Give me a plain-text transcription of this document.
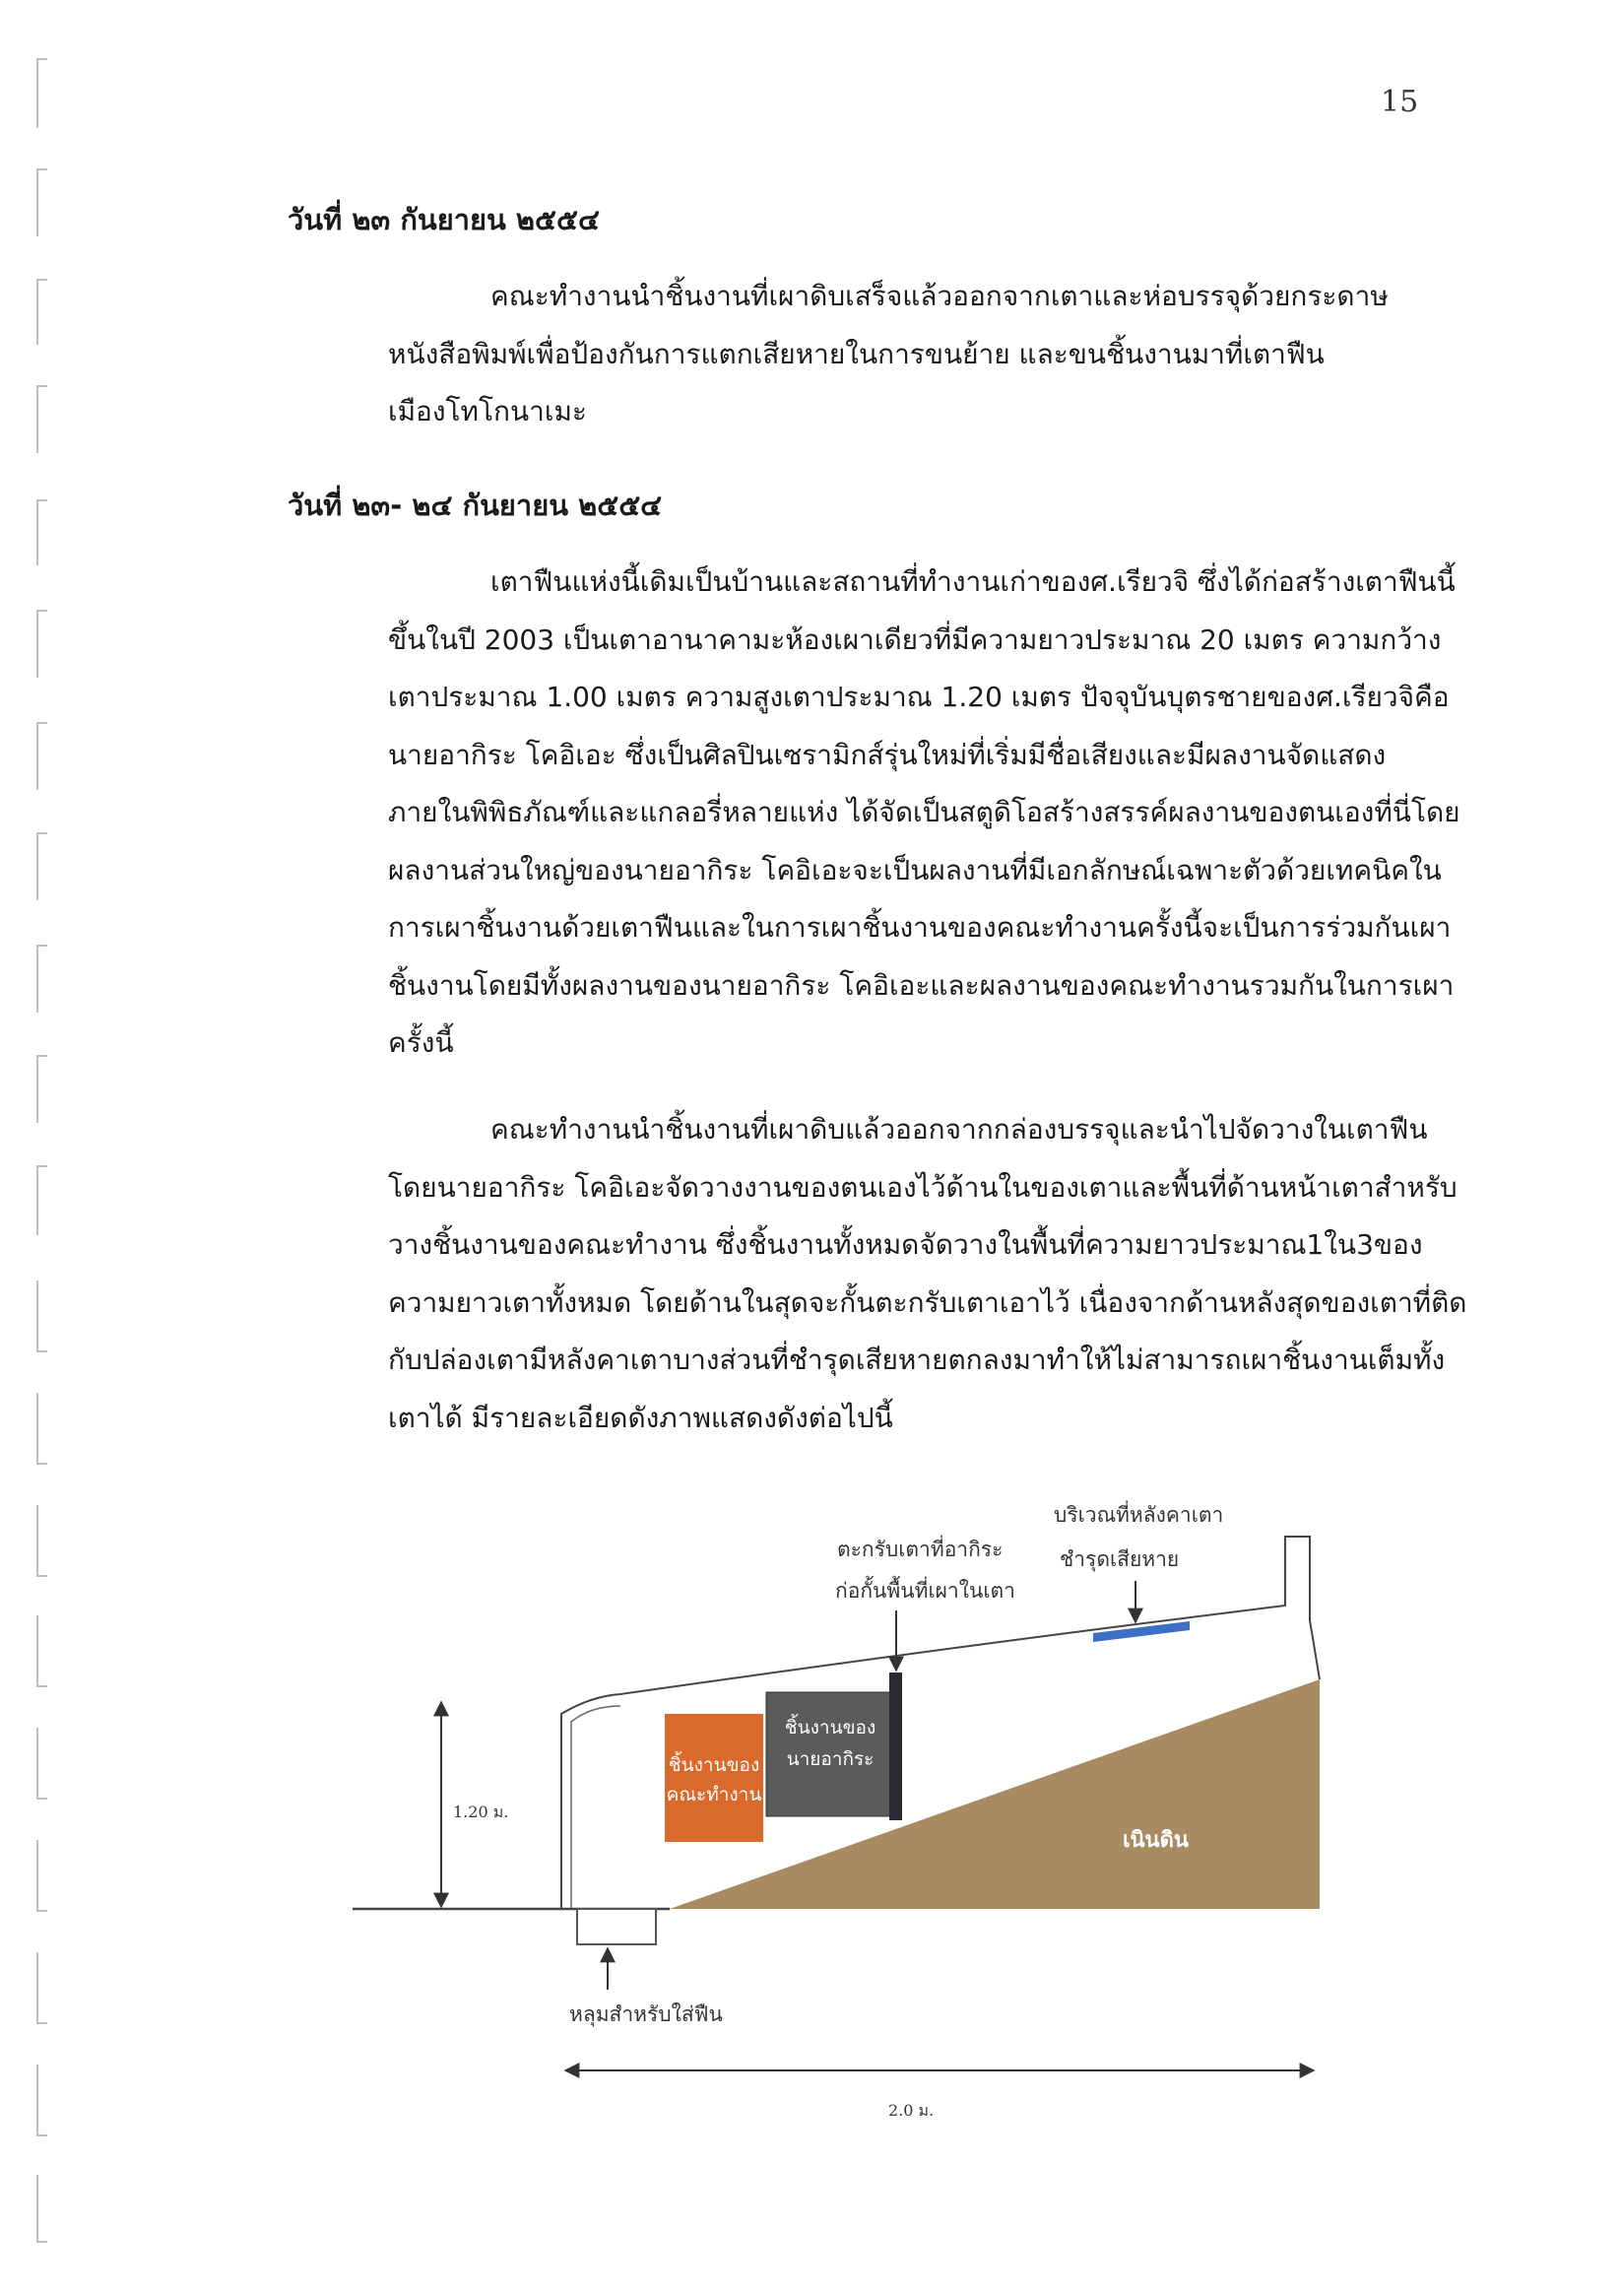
15
วันที่ ๒๓ กันยายน ๒๕๕๔

คณะทำงานนำชิ้นงานที่เผาดิบเสร็จแล้วออกจากเตาและห่อบรรจุด้วยกระดาษ
หนังสือพิมพ์เพื่อป้องกันการแตกเสียหายในการขนย้าย และขนชิ้นงานมาที่เตาฟืน
เมืองโทโกนาเมะ

วันที่ ๒๓- ๒๔ กันยายน ๒๕๕๔

เตาฟืนแห่งนี้เดิมเป็นบ้านและสถานที่ทำงานเก่าของศ.เรียวจิ ซึ่งได้ก่อสร้างเตาฟืนนี้
ขึ้นในปี 2003 เป็นเตาอานาคามะห้องเผาเดียวที่มีความยาวประมาณ 20 เมตร ความกว้าง
เตาประมาณ 1.00 เมตร ความสูงเตาประมาณ 1.20 เมตร ปัจจุบันบุตรชายของศ.เรียวจิคือ
นายอากิระ โคอิเอะ ซึ่งเป็นศิลปินเซรามิกส์รุ่นใหม่ที่เริ่มมีชื่อเสียงและมีผลงานจัดแสดง
ภายในพิพิธภัณฑ์และแกลอรี่หลายแห่ง ได้จัดเป็นสตูดิโอสร้างสรรค์ผลงานของตนเองที่นี่โดย
ผลงานส่วนใหญ่ของนายอากิระ โคอิเอะจะเป็นผลงานที่มีเอกลักษณ์เฉพาะตัวด้วยเทคนิคใน
การเผาชิ้นงานด้วยเตาฟืนและในการเผาชิ้นงานของคณะทำงานครั้งนี้จะเป็นการร่วมกันเผา
ชิ้นงานโดยมีทั้งผลงานของนายอากิระ โคอิเอะและผลงานของคณะทำงานรวมกันในการเผา
ครั้งนี้

คณะทำงานนำชิ้นงานที่เผาดิบแล้วออกจากกล่องบรรจุและนำไปจัดวางในเตาฟืน
โดยนายอากิระ โคอิเอะจัดวางงานของตนเองไว้ด้านในของเตาและพื้นที่ด้านหน้าเตาสำหรับ
วางชิ้นงานของคณะทำงาน ซึ่งชิ้นงานทั้งหมดจัดวางในพื้นที่ความยาวประมาณ1ใน3ของ
ความยาวเตาทั้งหมด โดยด้านในสุดจะกั้นตะกรับเตาเอาไว้ เนื่องจากด้านหลังสุดของเตาที่ติด
กับปล่องเตามีหลังคาเตาบางส่วนที่ชำรุดเสียหายตกลงมาทำให้ไม่สามารถเผาชิ้นงานเต็มทั้ง
เตาได้ มีรายละเอียดดังภาพแสดงดังต่อไปนี้

ชิ้นงานของ
คณะทำงาน
ชิ้นงานของ
นายอากิระ
บริเวณที่หลังคาเตา
ชำรุดเสียหาย
ตะกรับเตาที่อากิระ
ก่อกั้นพื้นที่เผาในเตา
เนินดิน
1.20 ม.
หลุมสำหรับใส่ฟืน
2.0 ม.
